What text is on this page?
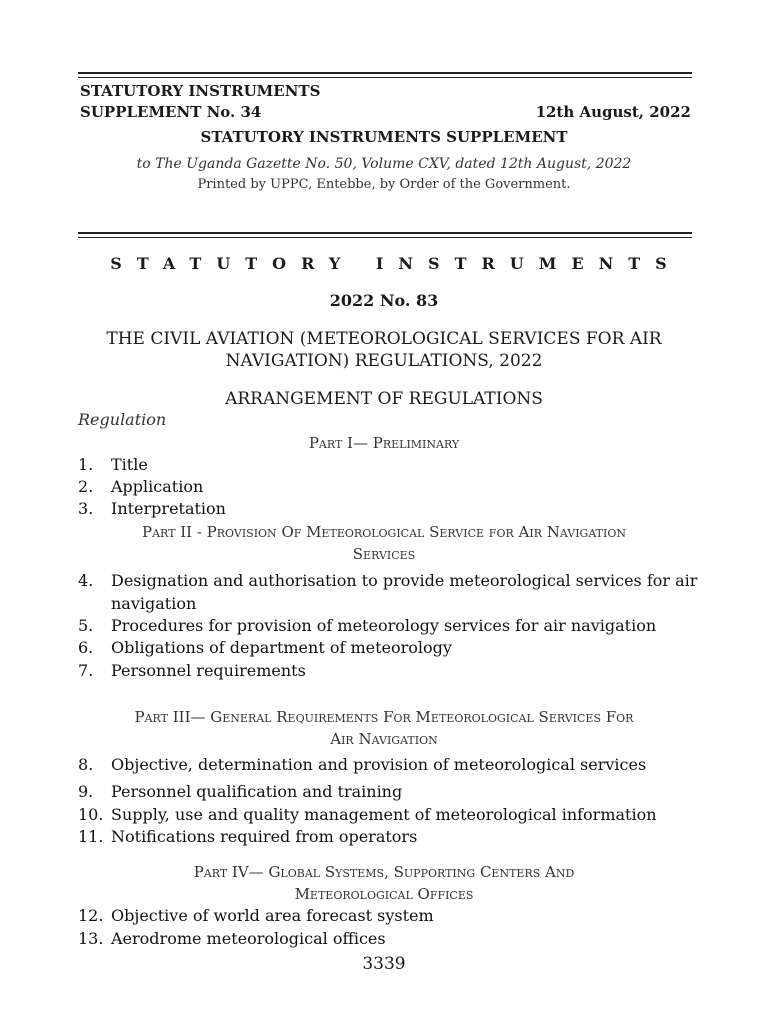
STATUTORY INSTRUMENTS
SUPPLEMENT No. 34	12th August, 2022
STATUTORY INSTRUMENTS SUPPLEMENT
to The Uganda Gazette No. 50, Volume CXV, dated 12th August, 2022
Printed by UPPC, Entebbe, by Order of the Government.
STATUTORY INSTRUMENTS
2022 No. 83
THE CIVIL AVIATION (METEOROLOGICAL SERVICES FOR AIR
NAVIGATION) REGULATIONS, 2022
ARRANGEMENT OF REGULATIONS
Regulation
Part I— Preliminary
1.	Title
2.	Application
3.	Interpretation
Part II - Provision Of Meteorological Service for Air Navigation
Services
4.	Designation and authorisation to provide meteorological services for air
navigation
5.	Procedures for provision of meteorology services for air navigation
6.	Obligations of department of meteorology
7.	Personnel requirements
Part III— General Requirements For Meteorological Services For
Air Navigation
8.	Objective, determination and provision of meteorological services
9.	Personnel qualification and training
10. Supply, use and quality management of meteorological information
11. Notifications required from operators
Part IV— Global Systems, Supporting Centers And
Meteorological Offices
12. Objective of world area forecast system
13. Aerodrome meteorological offices
3339
